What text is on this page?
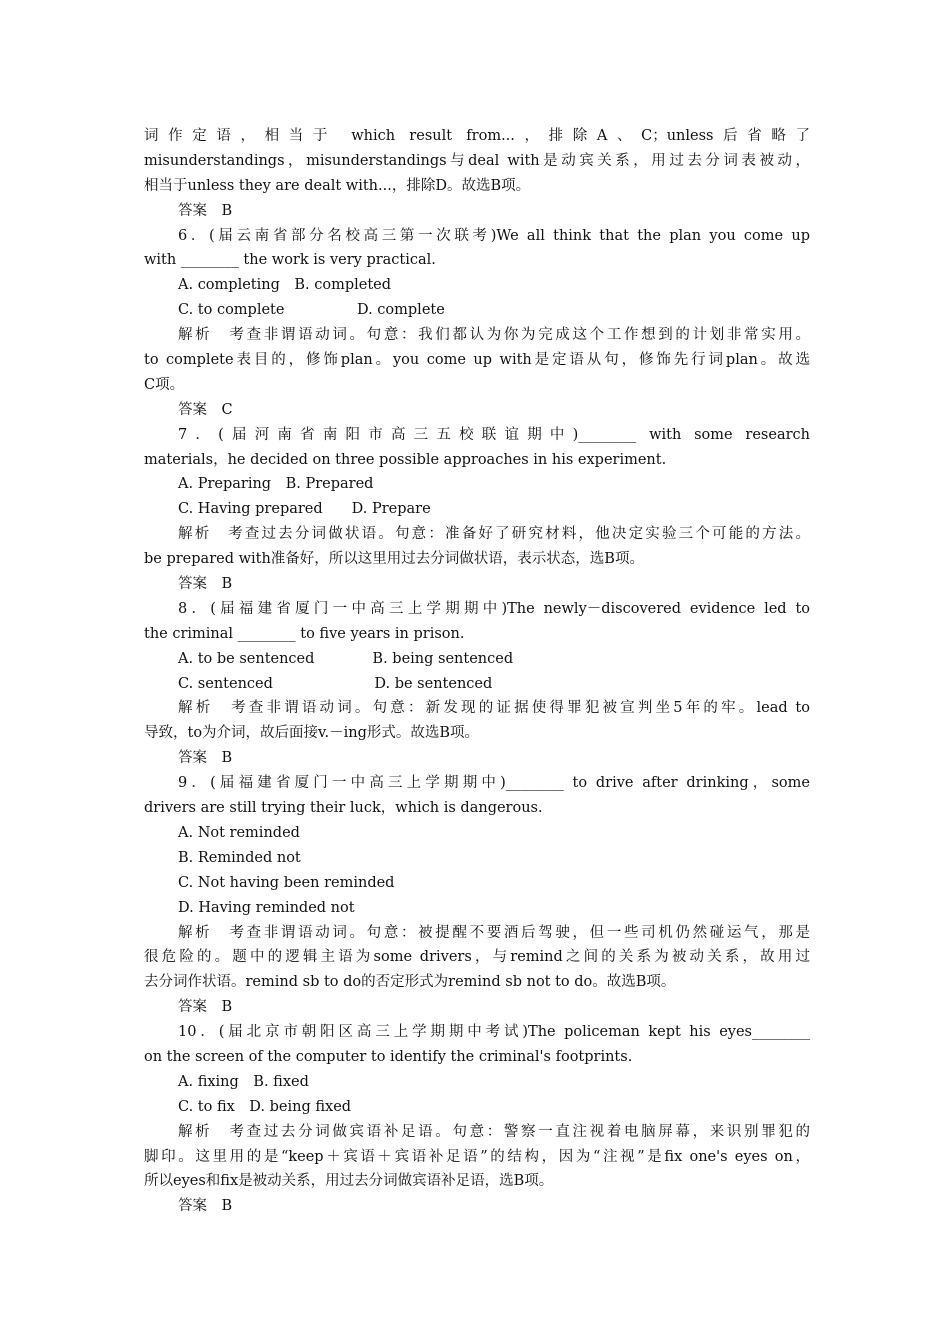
词作定语，相当于 which result from...，排除A、C；unless后省略了
misunderstandings，misunderstandings与deal with是动宾关系，用过去分词表被动，
相当于unless they are dealt with...，排除D。故选B项。
答案　B
6．(届云南省部分名校高三第一次联考)We all think that the plan you come up
with ________ the work is very practical.
A. completing　B. completed
C. to complete　　　　　D. complete
解析　考查非谓语动词。句意：我们都认为你为完成这个工作想到的计划非常实用。
to complete表目的，修饰plan。you come up with是定语从句，修饰先行词plan。故选
C项。
答案　C
7．(届河南省南阳市高三五校联谊期中)________ with some research
materials，he decided on three possible approaches in his experiment.
A. Preparing　B. Prepared
C. Having prepared　　D. Prepare
解析　考查过去分词做状语。句意：准备好了研究材料，他决定实验三个可能的方法。
be prepared with准备好，所以这里用过去分词做状语，表示状态，选B项。
答案　B
8．(届福建省厦门一中高三上学期期中)The newly－discovered evidence led to
the criminal ________ to five years in prison.
A. to be sentenced　　　　B. being sentenced
C. sentenced　　　　　　　D. be sentenced
解析　考查非谓语动词。句意：新发现的证据使得罪犯被宣判坐5年的牢。lead to
导致，to为介词，故后面接v.－ing形式。故选B项。
答案　B
9．(届福建省厦门一中高三上学期期中)________ to drive after drinking，some
drivers are still trying their luck，which is dangerous.
A. Not reminded
B. Reminded not
C. Not having been reminded
D. Having reminded not
解析　考查非谓语动词。句意：被提醒不要酒后驾驶，但一些司机仍然碰运气，那是
很危险的。题中的逻辑主语为some drivers，与remind之间的关系为被动关系，故用过
去分词作状语。remind sb to do的否定形式为remind sb not to do。故选B项。
答案　B
10．(届北京市朝阳区高三上学期期中考试)The policeman kept his eyes________
on the screen of the computer to identify the criminal's footprints.
A. fixing　B. fixed
C. to fix　D. being fixed
解析　考查过去分词做宾语补足语。句意：警察一直注视着电脑屏幕，来识别罪犯的
脚印。这里用的是“keep＋宾语＋宾语补足语”的结构，因为“注视”是fix one's eyes on，
所以eyes和fix是被动关系，用过去分词做宾语补足语，选B项。
答案　B
